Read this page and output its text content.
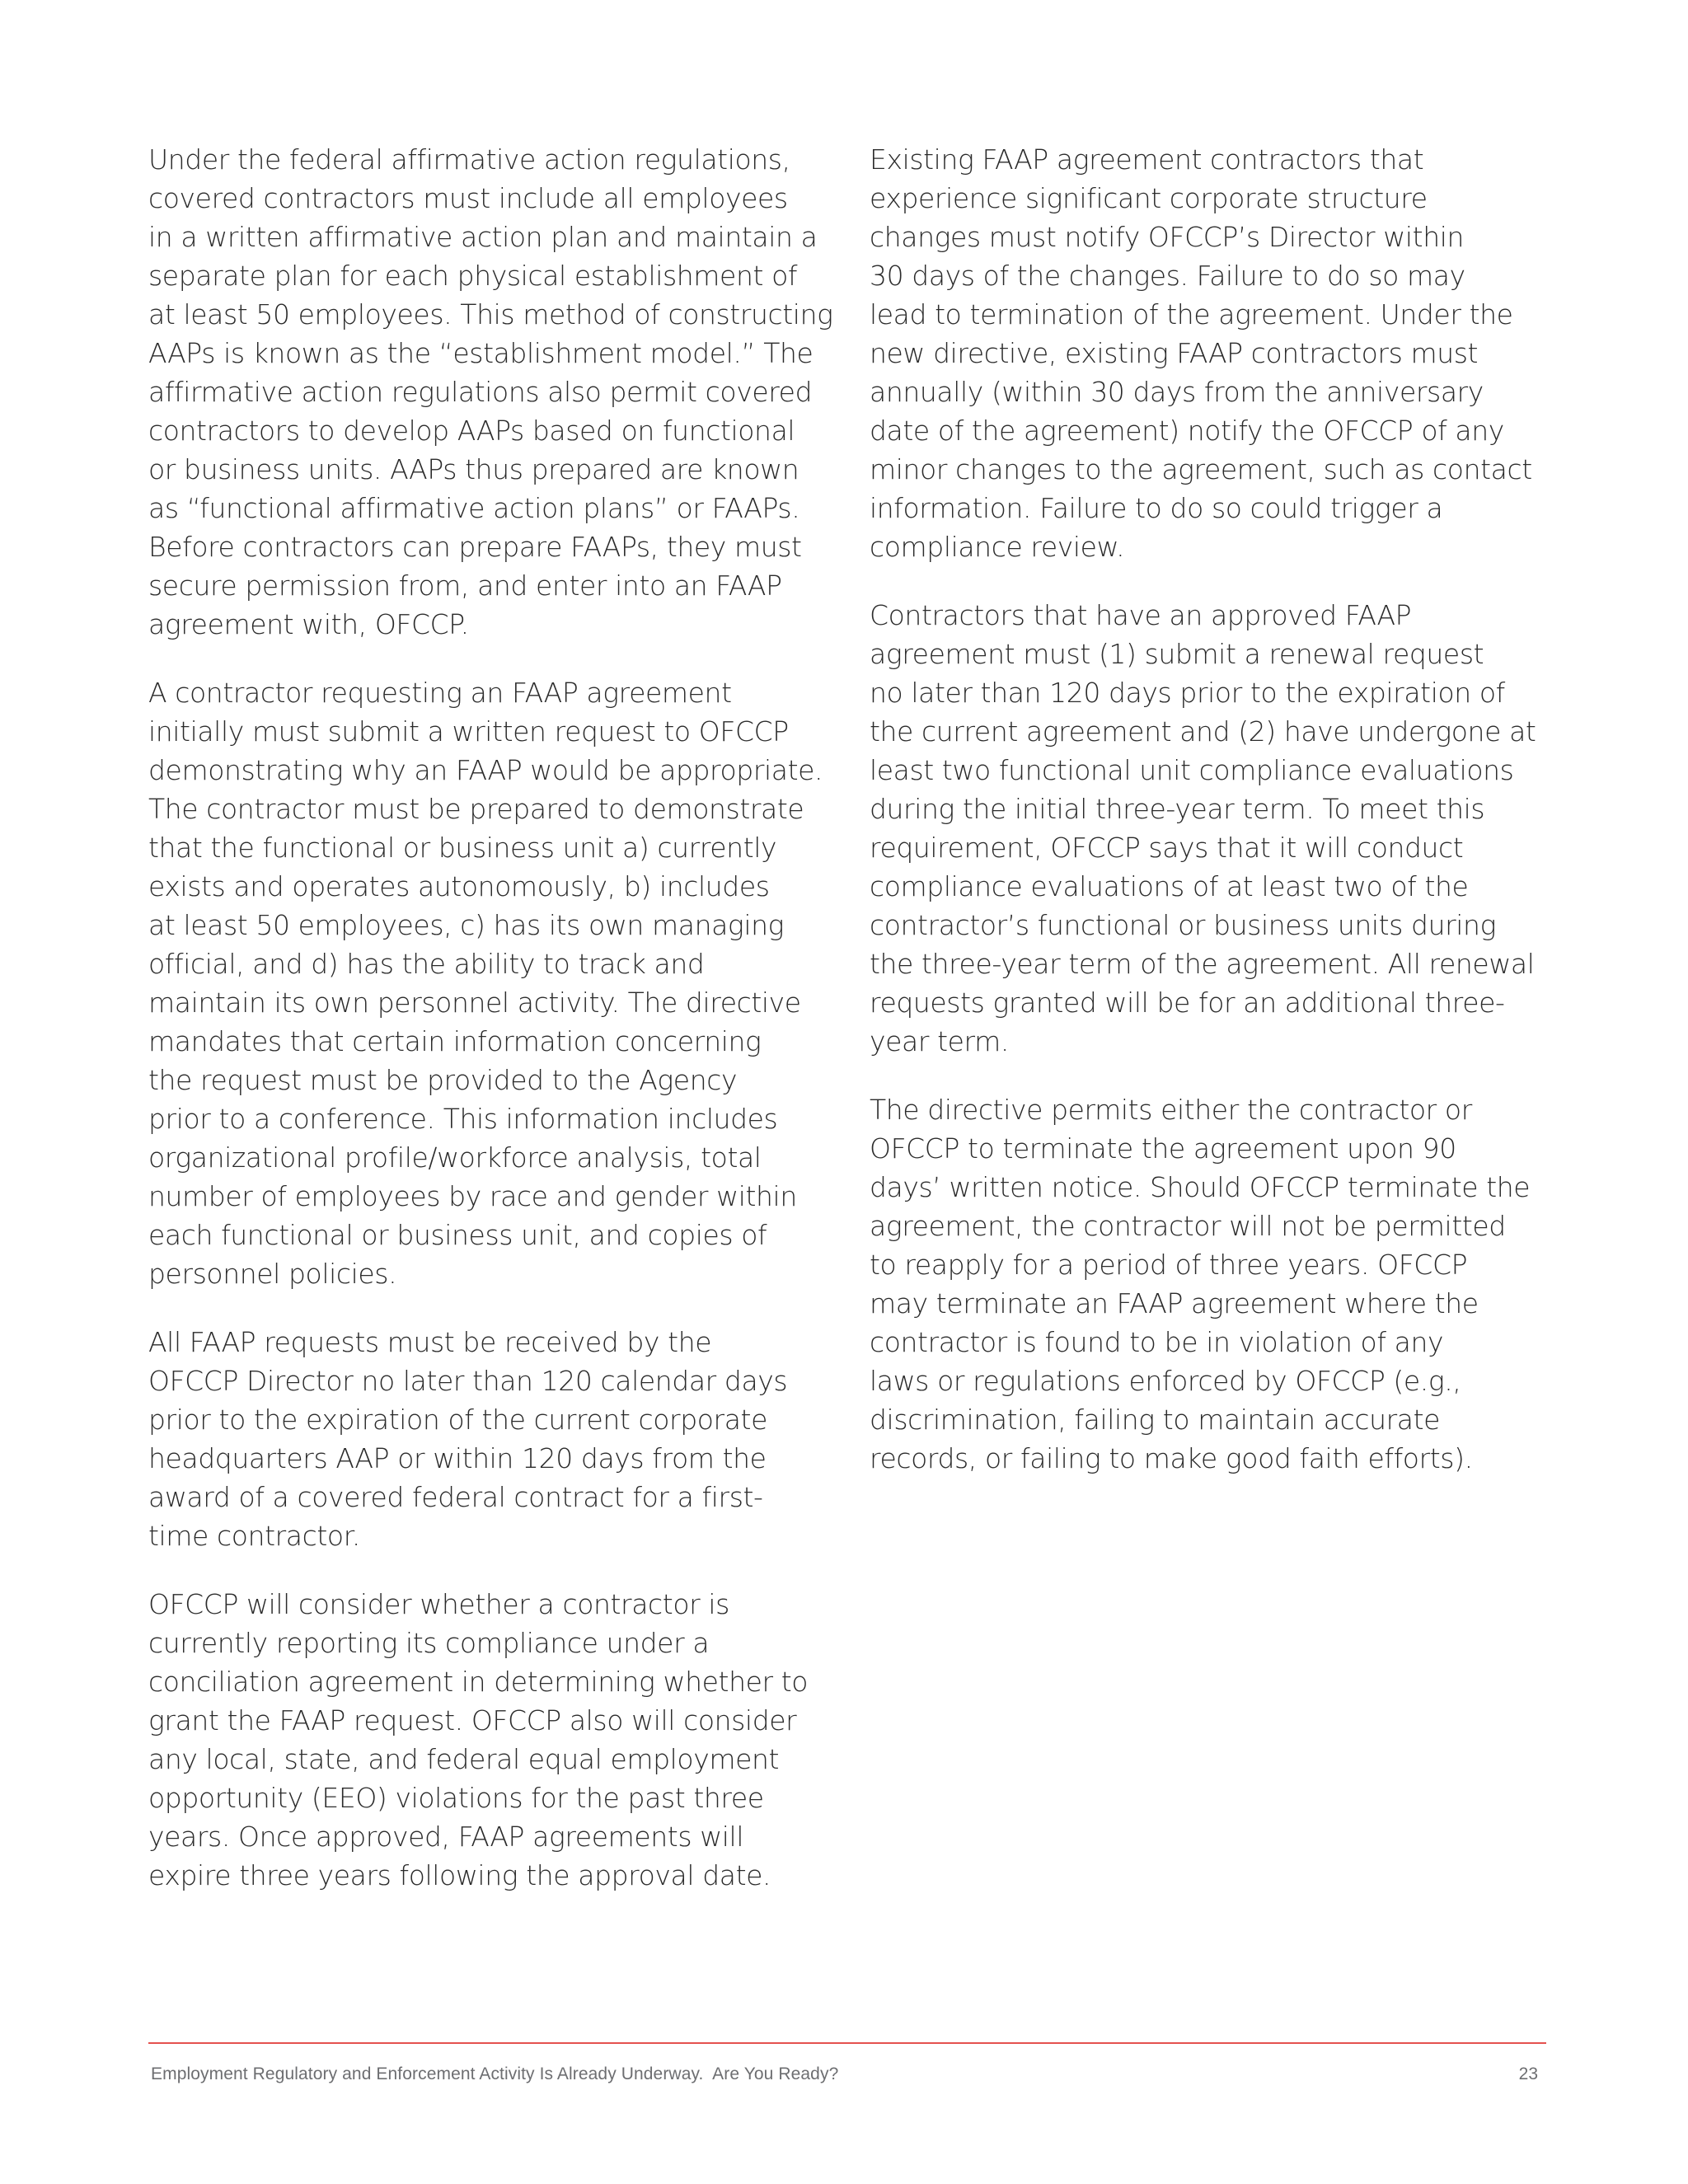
Under the federal affirmative action regulations,
covered contractors must include all employees
in a written affirmative action plan and maintain a
separate plan for each physical establishment of
at least 50 employees. This method of constructing
AAPs is known as the “establishment model.” The
affirmative action regulations also permit covered
contractors to develop AAPs based on functional
or business units. AAPs thus prepared are known
as “functional affirmative action plans” or FAAPs.
Before contractors can prepare FAAPs, they must
secure permission from, and enter into an FAAP
agreement with, OFCCP.

A contractor requesting an FAAP agreement
initially must submit a written request to OFCCP
demonstrating why an FAAP would be appropriate.
The contractor must be prepared to demonstrate
that the functional or business unit a) currently
exists and operates autonomously, b) includes
at least 50 employees, c) has its own managing
official, and d) has the ability to track and
maintain its own personnel activity. The directive
mandates that certain information concerning
the request must be provided to the Agency
prior to a conference. This information includes
organizational profile/workforce analysis, total
number of employees by race and gender within
each functional or business unit, and copies of
personnel policies.

All FAAP requests must be received by the
OFCCP Director no later than 120 calendar days
prior to the expiration of the current corporate
headquarters AAP or within 120 days from the
award of a covered federal contract for a first-
time contractor.

OFCCP will consider whether a contractor is
currently reporting its compliance under a
conciliation agreement in determining whether to
grant the FAAP request. OFCCP also will consider
any local, state, and federal equal employment
opportunity (EEO) violations for the past three
years. Once approved, FAAP agreements will
expire three years following the approval date.

Existing FAAP agreement contractors that
experience significant corporate structure
changes must notify OFCCP’s Director within
30 days of the changes. Failure to do so may
lead to termination of the agreement. Under the
new directive, existing FAAP contractors must
annually (within 30 days from the anniversary
date of the agreement) notify the OFCCP of any
minor changes to the agreement, such as contact
information. Failure to do so could trigger a
compliance review.

Contractors that have an approved FAAP
agreement must (1) submit a renewal request
no later than 120 days prior to the expiration of
the current agreement and (2) have undergone at
least two functional unit compliance evaluations
during the initial three-year term. To meet this
requirement, OFCCP says that it will conduct
compliance evaluations of at least two of the
contractor’s functional or business units during
the three-year term of the agreement. All renewal
requests granted will be for an additional three-
year term.

The directive permits either the contractor or
OFCCP to terminate the agreement upon 90
days’ written notice. Should OFCCP terminate the
agreement, the contractor will not be permitted
to reapply for a period of three years. OFCCP
may terminate an FAAP agreement where the
contractor is found to be in violation of any
laws or regulations enforced by OFCCP (e.g.,
discrimination, failing to maintain accurate
records, or failing to make good faith efforts).

Employment Regulatory and Enforcement Activity Is Already Underway.  Are You Ready?	23
